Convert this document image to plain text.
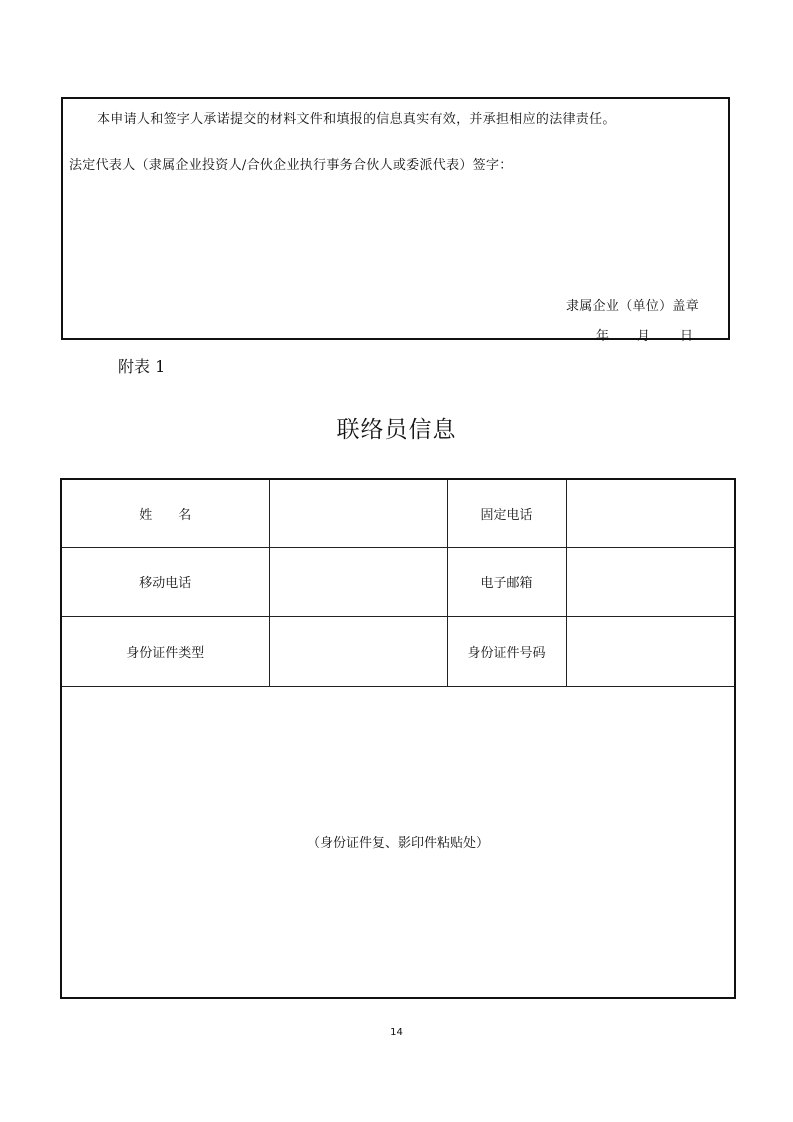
本申请人和签字人承诺提交的材料文件和填报的信息真实有效，并承担相应的法律责任。
法定代表人（隶属企业投资人/合伙企业执行事务合伙人或委派代表）签字：
隶属企业（单位）盖章
年 月 日
附表 1
联络员信息
姓　　名		固定电话	
移动电话		电子邮箱	
身份证件类型		身份证件号码	
（身份证件复、影印件粘贴处）			
14
